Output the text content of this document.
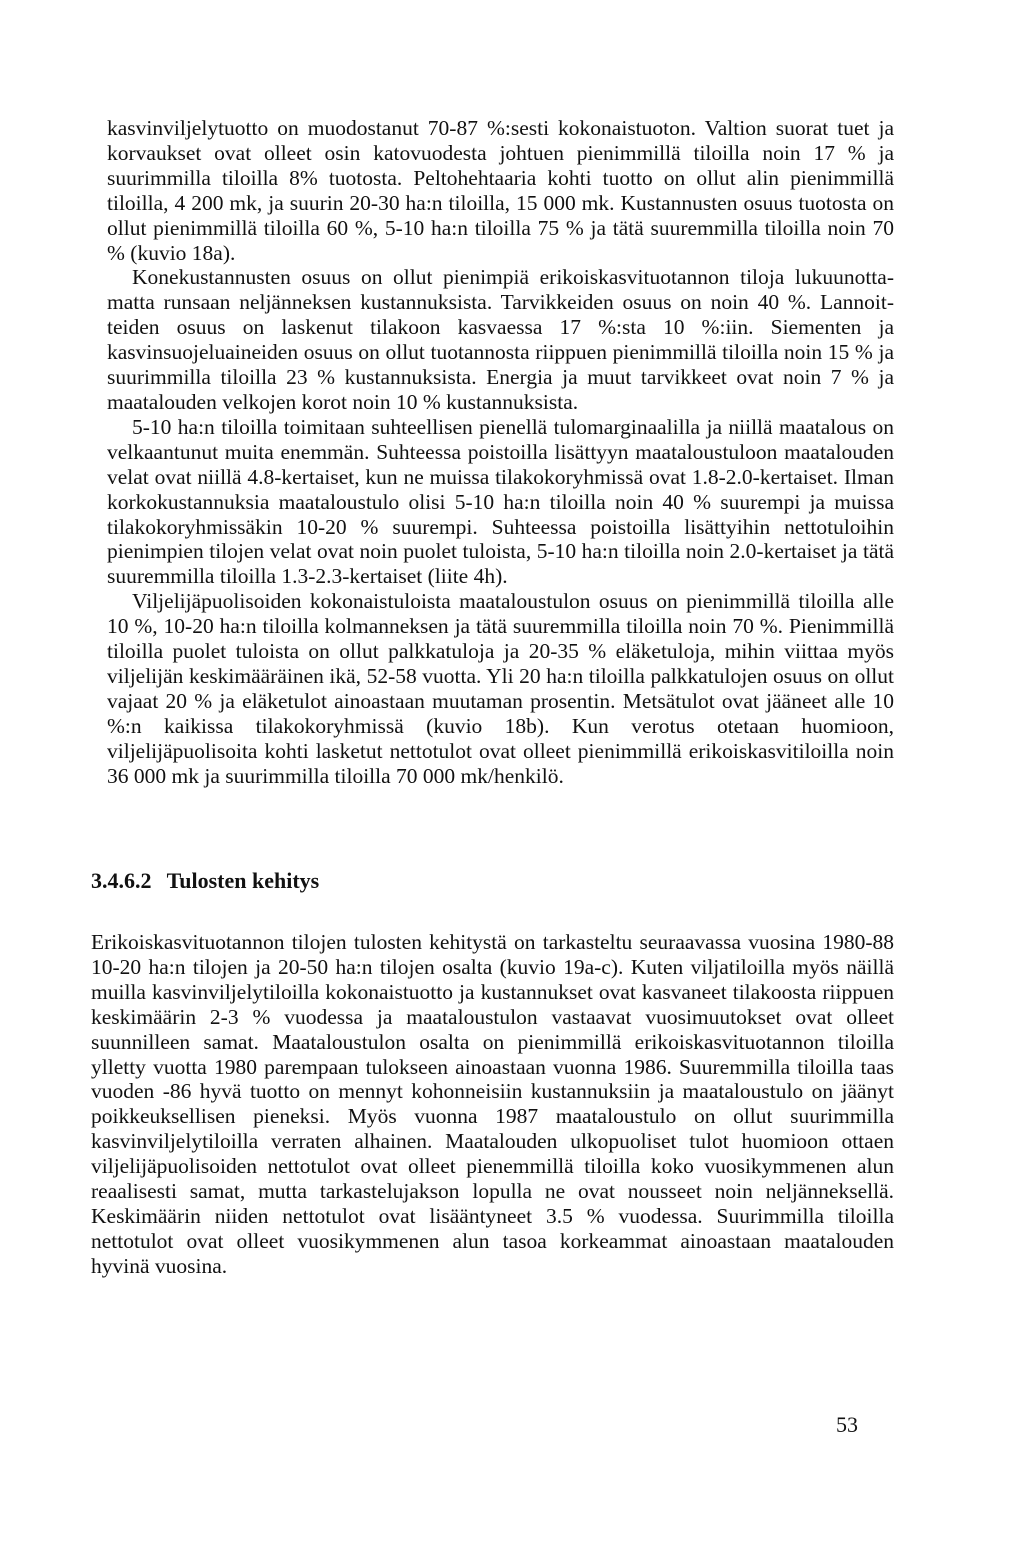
kasvinviljelytuotto on muodostanut 70-87 %:sesti kokonaistuoton. Valtion suorat tuet ja korvaukset ovat olleet osin katovuodesta johtuen pienimmillä tiloilla noin 17 % ja suurimmilla tiloilla 8% tuotosta. Peltohehtaaria kohti tuotto on ollut alin pienimmillä tiloilla, 4 200 mk, ja suurin 20-30 ha:n tiloilla, 15 000 mk. Kustannusten osuus tuotosta on ollut pienimmillä tiloilla 60 %, 5-10 ha:n tiloilla 75 % ja tätä suuremmilla tiloilla noin 70 % (kuvio 18a).

Konekustannusten osuus on ollut pienimpiä erikoiskasvituotannon tiloja lukuunottamatta runsaan neljänneksen kustannuksista. Tarvikkeiden osuus on noin 40 %. Lannoitteiden osuus on laskenut tilakoon kasvaessa 17 %:sta 10 %:iin. Siementen ja kasvinsuojeluaineiden osuus on ollut tuotannosta riippuen pienimmillä tiloilla noin 15 % ja suurimmilla tiloilla 23 % kustannuksista. Energia ja muut tarvikkeet ovat noin 7 % ja maatalouden velkojen korot noin 10 % kustannuksista.

5-10 ha:n tiloilla toimitaan suhteellisen pienellä tulomarginaalilla ja niillä maatalous on velkaantunut muita enemmän. Suhteessa poistoilla lisättyyn maataloustuloon maatalouden velat ovat niillä 4.8-kertaiset, kun ne muissa tilakokoryhmissä ovat 1.8-2.0-kertaiset. Ilman korkokustannuksia maataloustulo olisi 5-10 ha:n tiloilla noin 40 % suurempi ja muissa tilakokoryhmissäkin 10-20 % suurempi. Suhteessa poistoilla lisättyihin nettotuloihin pienimpien tilojen velat ovat noin puolet tuloista, 5-10 ha:n tiloilla noin 2.0-kertaiset ja tätä suuremmilla tiloilla 1.3-2.3-kertaiset (liite 4h).

Viljelijäpuolisoiden kokonaistuloista maataloustulon osuus on pienimmillä tiloilla alle 10 %, 10-20 ha:n tiloilla kolmanneksen ja tätä suuremmilla tiloilla noin 70 %. Pienimmillä tiloilla puolet tuloista on ollut palkkatuloja ja 20-35 % eläketuloja, mihin viittaa myös viljelijän keskimääräinen ikä, 52-58 vuotta. Yli 20 ha:n tiloilla palkkatulojen osuus on ollut vajaat 20 % ja eläketulot ainoastaan muutaman prosentin. Metsätulot ovat jääneet alle 10 %:n kaikissa tilakokoryhmissä (kuvio 18b). Kun verotus otetaan huomioon, viljelijäpuolisoita kohti lasketut nettotulot ovat olleet pienimmillä erikoiskasvitiloilla noin 36 000 mk ja suurimmilla tiloilla 70 000 mk/henkilö.

3.4.6.2 Tulosten kehitys

Erikoiskasvituotannon tilojen tulosten kehitystä on tarkasteltu seuraavassa vuosina 1980-88 10-20 ha:n tilojen ja 20-50 ha:n tilojen osalta (kuvio 19a-c). Kuten viljatiloilla myös näillä muilla kasvinviljelytiloilla kokonaistuotto ja kustannukset ovat kasvaneet tilakoosta riippuen keskimäärin 2-3 % vuodessa ja maataloustulon vastaavat vuosimuutokset ovat olleet suunnilleen samat. Maataloustulon osalta on pienimmillä erikoiskasvituotannon tiloilla ylletty vuotta 1980 parempaan tulokseen ainoastaan vuonna 1986. Suuremmilla tiloilla taas vuoden -86 hyvä tuotto on mennyt kohonneisiin kustannuksiin ja maataloustulo on jäänyt poikkeuksellisen pieneksi. Myös vuonna 1987 maataloustulo on ollut suurimmilla kasvinviljelytiloilla verraten alhainen. Maatalouden ulkopuoliset tulot huomioon ottaen viljelijäpuolisoiden nettotulot ovat olleet pienemmillä tiloilla koko vuosikymmenen alun reaalisesti samat, mutta tarkastelujakson lopulla ne ovat nousseet noin neljänneksellä. Keskimäärin niiden nettotulot ovat lisääntyneet 3.5 % vuodessa. Suurimmilla tiloilla nettotulot ovat olleet vuosikymmenen alun tasoa korkeammat ainoastaan maatalouden hyvinä vuosina.

53
